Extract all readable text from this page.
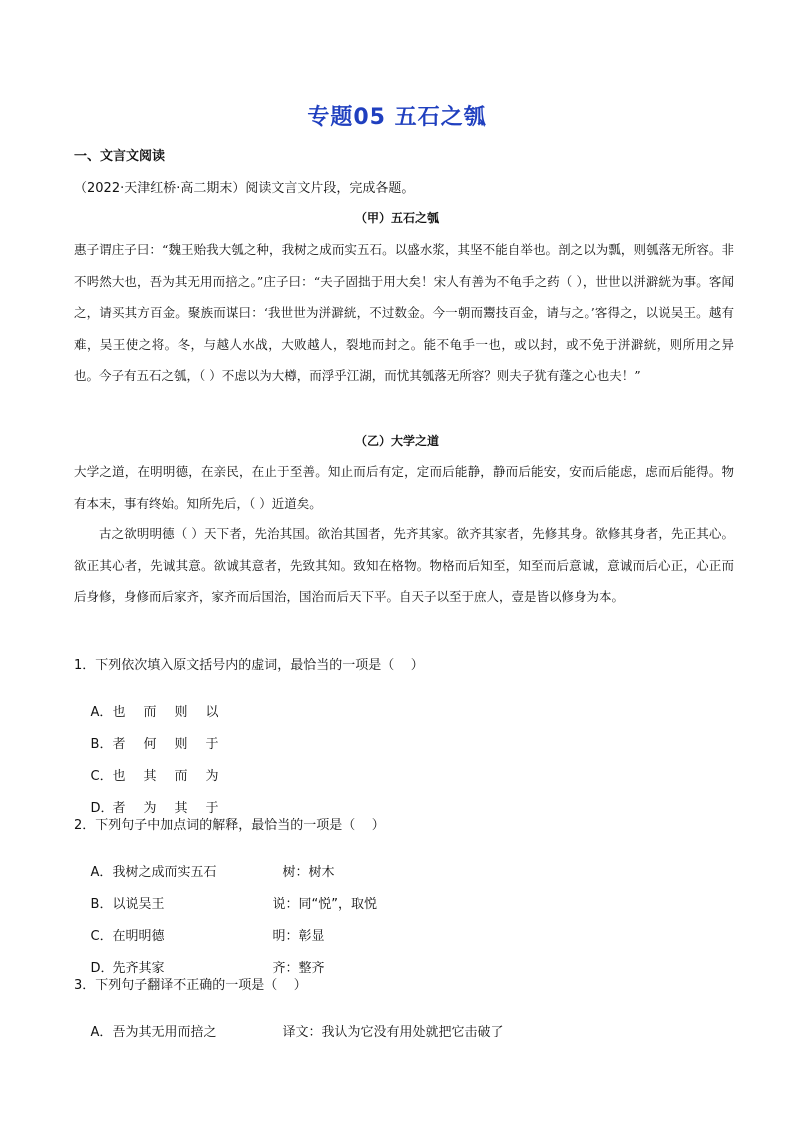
专题05 五石之瓠
一、文言文阅读
（2022·天津红桥·高二期末）阅读文言文片段，完成各题。
（甲）五石之瓠

惠子谓庄子曰：“魏王贻我大瓠之种，我树之成而实五石。以盛水浆，其坚不能自举也。剖之以为瓢，则瓠落无所容。非不呺然大也，吾为其无用而掊之。”庄子曰：“夫子固拙于用大矣！宋人有善为不龟手之药（ ），世世以洴澼絖为事。客闻之，请买其方百金。聚族而谋曰：‘我世世为洴澼絖，不过数金。今一朝而鬻技百金，请与之。’客得之，以说吴王。越有难，吴王使之将。冬，与越人水战，大败越人，裂地而封之。能不龟手一也，或以封，或不免于洴澼絖，则所用之异也。今子有五石之瓠，（ ）不虑以为大樽，而浮乎江湖，而忧其瓠落无所容？则夫子犹有蓬之心也夫！”

（乙）大学之道

大学之道，在明明德，在亲民，在止于至善。知止而后有定，定而后能静，静而后能安，安而后能虑，虑而后能得。物有本末，事有终始。知所先后，（ ）近道矣。

古之欲明明德（ ）天下者，先治其国。欲治其国者，先齐其家。欲齐其家者，先修其身。欲修其身者，先正其心。欲正其心者，先诚其意。欲诚其意者，先致其知。致知在格物。物格而后知至，知至而后意诚，意诚而后心正，心正而后身修，身修而后家齐，家齐而后国治，国治而后天下平。自天子以至于庶人，壹是皆以修身为本。

1．下列依次填入原文括号内的虚词，最恰当的一项是（    ）

A．也 而 则 以

B．者 何 则 于

C．也 其 而 为

D．者 为 其 于

2．下列句子中加点词的解释，最恰当的一项是（    ）

A．我树之成而实五石	树：树木

B．以说吴王	说：同“悦”，取悦

C．在明明德	明：彰显

D．先齐其家	齐：整齐

3．下列句子翻译不正确的一项是（    ）

A．吾为其无用而掊之	译文：我认为它没有用处就把它击破了
